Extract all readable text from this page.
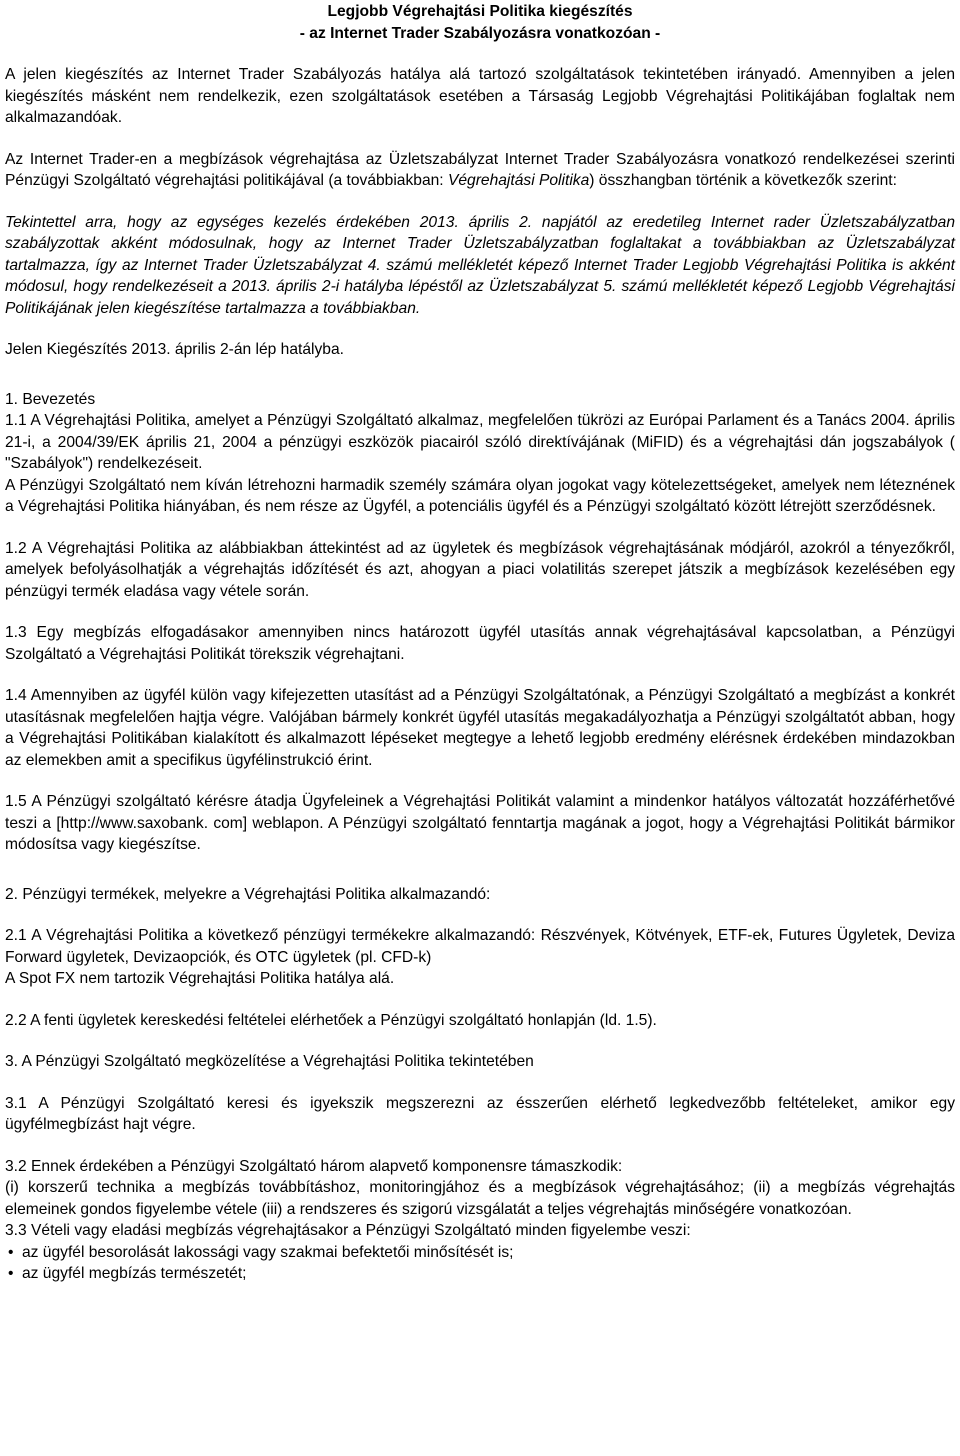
Legjobb Végrehajtási Politika kiegészítés
- az Internet Trader Szabályozásra vonatkozóan -

A jelen kiegészítés az Internet Trader Szabályozás hatálya alá tartozó szolgáltatások tekintetében irányadó. Amennyiben a jelen kiegészítés másként nem rendelkezik, ezen szolgáltatások esetében a Társaság Legjobb Végrehajtási Politikájában foglaltak nem alkalmazandóak.

Az Internet Trader-en a megbízások végrehajtása az Üzletszabályzat Internet Trader Szabályozásra vonatkozó rendelkezései szerinti Pénzügyi Szolgáltató végrehajtási politikájával (a továbbiakban: Végrehajtási Politika) összhangban történik a következők szerint:

Tekintettel arra, hogy az egységes kezelés érdekében 2013. április 2. napjától az eredetileg Internet rader Üzletszabályzatban szabályzottak akként módosulnak, hogy az Internet Trader Üzletszabályzatban foglaltakat a továbbiakban az Üzletszabályzat tartalmazza, így az Internet Trader Üzletszabályzat 4. számú mellékletét képező Internet Trader Legjobb Végrehajtási Politika is akként módosul, hogy rendelkezéseit a 2013. április 2-i hatályba lépéstől az Üzletszabályzat 5. számú mellékletét képező Legjobb Végrehajtási Politikájának jelen kiegészítése tartalmazza a továbbiakban.

Jelen Kiegészítés 2013. április 2-án lép hatályba.

1. Bevezetés

1.1 A Végrehajtási Politika, amelyet a Pénzügyi Szolgáltató alkalmaz, megfelelően tükrözi az Európai Parlament és a Tanács 2004. április 21-i, a 2004/39/EK április 21, 2004 a pénzügyi eszközök piacairól szóló direktívájának (MiFID) és a végrehajtási dán jogszabályok ( "Szabályok") rendelkezéseit.

A Pénzügyi Szolgáltató nem kíván létrehozni harmadik személy számára olyan jogokat vagy kötelezettségeket, amelyek nem léteznének a Végrehajtási Politika hiányában, és nem része az Ügyfél, a potenciális ügyfél és a Pénzügyi szolgáltató között létrejött szerződésnek.

1.2 A Végrehajtási Politika az alábbiakban áttekintést ad az ügyletek és megbízások végrehajtásának módjáról, azokról a tényezőkről, amelyek befolyásolhatják a végrehajtás időzítését és azt, ahogyan a piaci volatilitás szerepet játszik a megbízások kezelésében egy pénzügyi termék eladása vagy vétele során.

1.3 Egy megbízás elfogadásakor amennyiben nincs határozott ügyfél utasítás annak végrehajtásával kapcsolatban, a Pénzügyi Szolgáltató a Végrehajtási Politikát törekszik végrehajtani.

1.4 Amennyiben az ügyfél külön vagy kifejezetten utasítást ad a Pénzügyi Szolgáltatónak, a Pénzügyi Szolgáltató a megbízást a konkrét utasításnak megfelelően hajtja végre. Valójában bármely konkrét ügyfél utasítás megakadályozhatja a Pénzügyi szolgáltatót abban, hogy a Végrehajtási Politikában kialakított és alkalmazott lépéseket megtegye a lehető legjobb eredmény elérésnek érdekében mindazokban az elemekben amit a specifikus ügyfélinstrukció érint.

1.5 A Pénzügyi szolgáltató kérésre átadja Ügyfeleinek a Végrehajtási Politikát valamint a mindenkor hatályos változatát hozzáférhetővé teszi a [http://www.saxobank. com] weblapon. A Pénzügyi szolgáltató fenntartja magának a jogot, hogy a Végrehajtási Politikát bármikor módosítsa vagy kiegészítse.

2. Pénzügyi termékek, melyekre a Végrehajtási Politika alkalmazandó:

2.1 A Végrehajtási Politika a következő pénzügyi termékekre alkalmazandó: Részvények, Kötvények, ETF-ek, Futures Ügyletek, Deviza Forward ügyletek, Devizaopciók, és OTC ügyletek (pl. CFD-k)

A Spot FX nem tartozik Végrehajtási Politika hatálya alá.

2.2 A fenti ügyletek kereskedési feltételei elérhetőek a Pénzügyi szolgáltató honlapján (ld. 1.5).

3. A Pénzügyi Szolgáltató megközelítése a Végrehajtási Politika tekintetében

3.1 A Pénzügyi Szolgáltató keresi és igyekszik megszerezni az ésszerűen elérhető legkedvezőbb feltételeket, amikor egy ügyfélmegbízást hajt végre.

3.2 Ennek érdekében a Pénzügyi Szolgáltató három alapvető komponensre támaszkodik:

(i) korszerű technika a megbízás továbbításhoz, monitoringjához és a megbízások végrehajtásához; (ii) a megbízás végrehajtás elemeinek gondos figyelembe vétele (iii) a rendszeres és szigorú vizsgálatát a teljes végrehajtás minőségére vonatkozóan.

3.3 Vételi vagy eladási megbízás végrehajtásakor a Pénzügyi Szolgáltató minden figyelembe veszi:

• az ügyfél besorolását lakossági vagy szakmai befektetői minősítését is;

• az ügyfél megbízás természetét;
